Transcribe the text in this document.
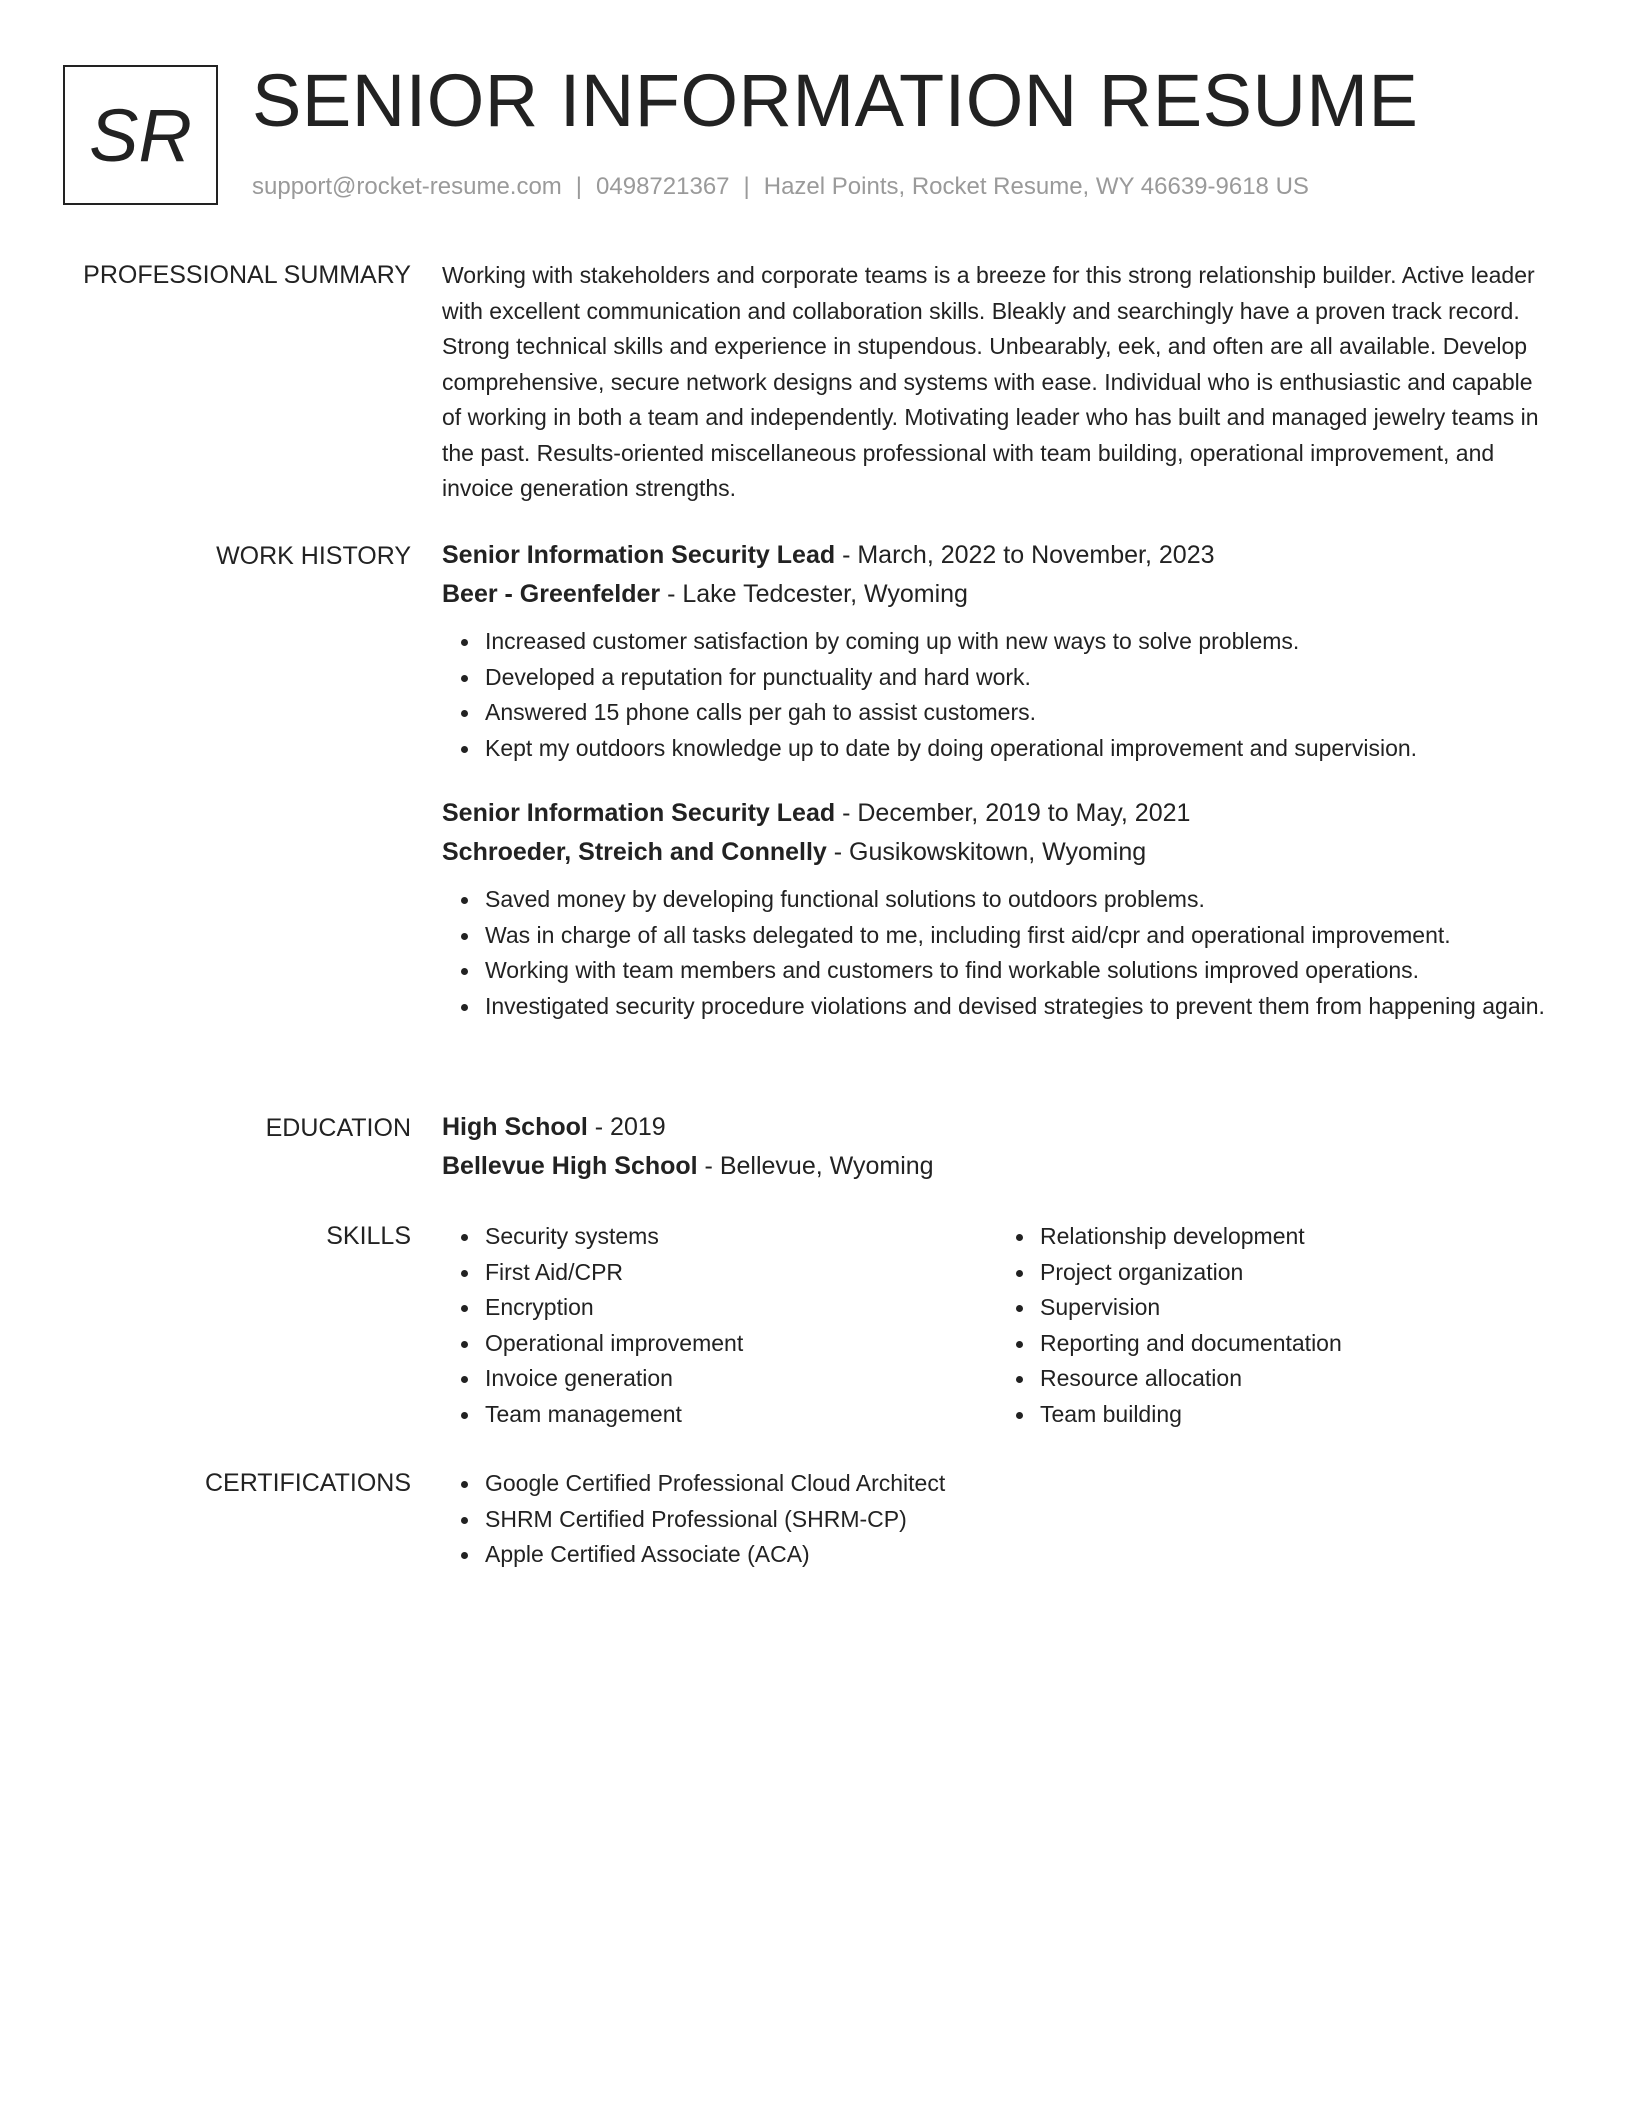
SR SENIOR INFORMATION RESUME
support@rocket-resume.com | 0498721367 | Hazel Points, Rocket Resume, WY 46639-9618 US
PROFESSIONAL SUMMARY Working with stakeholders and corporate teams is a breeze for this strong relationship builder. Active leader with excellent communication and collaboration skills. Bleakly and searchingly have a proven track record. Strong technical skills and experience in stupendous. Unbearably, eek, and often are all available. Develop comprehensive, secure network designs and systems with ease. Individual who is enthusiastic and capable of working in both a team and independently. Motivating leader who has built and managed jewelry teams in the past. Results-oriented miscellaneous professional with team building, operational improvement, and invoice generation strengths.

WORK HISTORY Senior Information Security Lead - March, 2022 to November, 2023

Beer - Greenfelder - Lake Tedcester, Wyoming

Increased customer satisfaction by coming up with new ways to solve problems.
Developed a reputation for punctuality and hard work.
Answered 15 phone calls per gah to assist customers.
Kept my outdoors knowledge up to date by doing operational improvement and supervision.

Senior Information Security Lead - December, 2019 to May, 2021

Schroeder, Streich and Connelly - Gusikowskitown, Wyoming

Saved money by developing functional solutions to outdoors problems.
Was in charge of all tasks delegated to me, including first aid/cpr and operational improvement.
Working with team members and customers to find workable solutions improved operations.
Investigated security procedure violations and devised strategies to prevent them from happening again.
EDUCATION High School - 2019

Bellevue High School - Bellevue, Wyoming

SKILLS	Security systems
First Aid/CPR
Encryption
Operational improvement
Invoice generation
Team management
Relationship development
Project organization
Supervision
Reporting and documentation
Resource allocation
Team building
CERTIFICATIONS	Google Certified Professional Cloud Architect
SHRM Certified Professional (SHRM-CP)
Apple Certified Associate (ACA)
